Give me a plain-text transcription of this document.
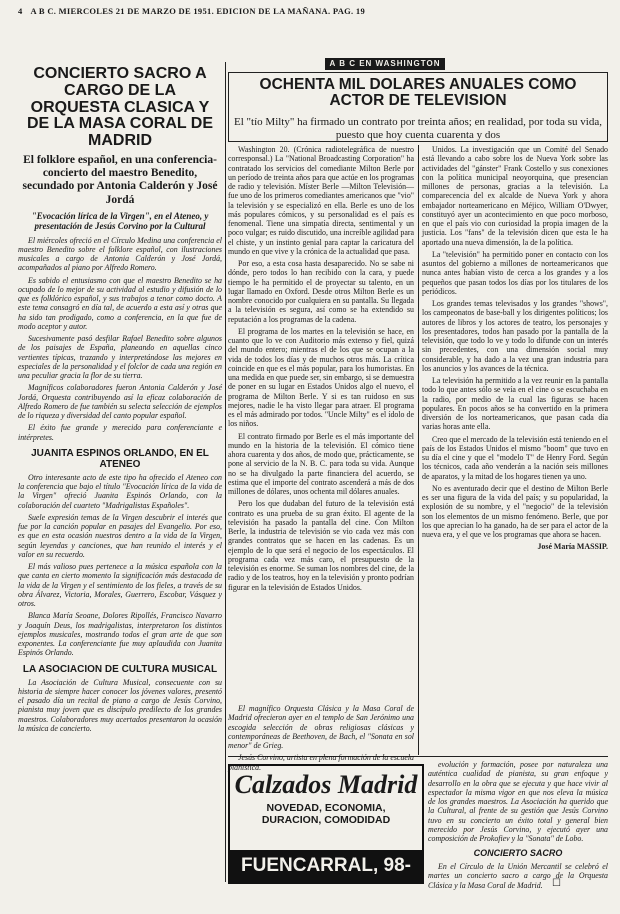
4 A B C. MIERCOLES 21 DE MARZO DE 1951. EDICION DE LA MAÑANA. PAG. 19
CONCIERTO SACRO A CARGO DE LA ORQUESTA CLASICA Y DE LA MASA CORAL DE MADRID
El folklore español, en una conferencia-concierto del maestro Benedito, secundado por Antonia Calderón y José Jordá
"Evocación lírica de la Virgen", en el Ateneo, y presentación de Jesús Corvino por la Cultural

El miércoles ofreció en el Círculo Medina una conferencia el maestro Benedito sobre el folklore español, con ilustraciones musicales a cargo de Antonia Calderón y José Jordá, acompañados al piano por Alfredo Romero.

Es sabido el entusiasmo con que el maestro Benedito se ha ocupado de lo mejor de su actividad al estudio y difusión de lo que es folklórico español, y sus trabajos a tenor como docto. A este tema consagró en día tal, de acuerdo a esta así y otras que ha sido tan prodigado, como a conferencia, en la que fue de modo aceptor y autor.

Sucesivamente pasó desfilar Rafael Benedito sobre algunos de los paisajes de España, planeando en aquellas cinco vertientes típicas, trazando y interpretándose las mejores en especiales de la personalidad y el folclor de cada una región en una peculiar gracia la flor de su tierra.

Magníficos colaboradores fueron Antonia Calderón y José Jordá, Orquesta contribuyendo así la eficaz colaboración de Alfredo Romero de fue también su selecta selección de ejemplos de lo riqueza y diversidad del canto popular español.

El éxito fue grande y merecido para conferenciante e intérpretes.

JUANITA ESPINOS ORLANDO, EN EL ATENEO

Otro interesante acto de este tipo ha ofrecido el Ateneo con la conferencia que bajo el título "Evocación lírica de la vida de la Virgen" ofreció Juanita Espinós Orlando, con la colaboración del cuarteto "Madrigalistas Españoles".

Suele expresión temas de la Virgen descubrir el interés que fue por la canción popular en pasajes del Evangelio. Por eso, es que en esta ocasión nuestros dentro a la vida de la Virgen, según leyendas y canciones, que han reunido el interés y el valor en su recuerdo.

El más valioso pues pertenece a la música española con la que canta en cierto momento la significación más destacada de la vida de la Virgen y el sentimiento de los fieles, a través de su obra Álvarez, Victoria, Morales, Guerrero, Escobar, Vásquez y otros.

Blanca María Seoane, Dolores Ripollés, Francisco Navarro y Joaquín Deus, los madrigalistas, interpretaron los distintos ejemplos musicales, mostrando todos el gran arte de que son exponentes. La conferenciante fue muy aplaudida con Juanita Espinós Orlando.

LA ASOCIACION DE CULTURA MUSICAL

La Asociación de Cultura Musical, consecuente con su historia de siempre hacer conocer los jóvenes valores, presentó el pasado día un recital de piano a cargo de Jesús Corvino, pianista muy joven que es discípulo predilecto de los grandes maestros. Colaboradores muy acertados presentaron la ocasión la música de concierto.

A B C EN WASHINGTON
OCHENTA MIL DOLARES ANUALES COMO ACTOR DE TELEVISION
El "tío Milty" ha firmado un contrato por treinta años; en realidad, por toda su vida, puesto que hoy cuenta cuarenta y dos

Washington 20. (Crónica radiotelegráfica de nuestro corresponsal.) La "National Broadcasting Corporation" ha contratado los servicios del comediante Milton Berle por un período de treinta años para que actúe en los programas de radio y televisión. Míster Berle —Milton Televisión— fue uno de los primeros comediantes americanos que "vio" la televisión y se especializó en ella. Berle es uno de los más populares cómicos, y su personalidad es el país es fenomenal. Tiene una simpatía directa, sentimental y un poco vulgar; es ruido discutido, una increíble agilidad para el chiste, y un instinto genial para captar la caricatura del mundo en que vive y la crónica de la actualidad que pasa.

Por eso, a esta cosa hasta desaparecido. No se sabe ni dónde, pero todos lo han recibido con la cara, y puede tiempo le ha permitido el de proyectar su talento, en un lugar llamado en Oxford. Desde otros Milton Berle es un nombre conocido por cualquiera en su pantalla. Su llegada a la televisión es segura, así como se ha extendido su reputación a los programas de la cadena.

El programa de los martes en la televisión se hace, en cuanto que lo ve con Auditorio más extenso y fiel, quizá del mundo entero; mientras el de los que se ocupan a la vida de todos los días y de muchos otros más. La crítica coincide en que es el más popular, para los humoristas. En una medida en que puede ser, sin embargo, si se demuestra de poner en su lugar en Estados Unidos algo el nuevo, el programa de Milton Berle. Y si es tan ruidoso en sus mejores, nadie le ha visto llegar para atraer. El programa es el más admirado por todos. "Uncle Milty" es el ídolo de los niños.

El contrato firmado por Berle es el más importante del mundo en la historia de la televisión. El cómico tiene ahora cuarenta y dos años, de modo que, prácticamente, se pone al servicio de la N. B. C. para toda su vida. Aunque no se ha divulgado la parte financiera del acuerdo, se estima que el importe del contrato ascenderá a más de dos millones de dólares, unos ochenta mil dólares anuales.

Pero los que dudaban del futuro de la televisión está contrato es una prueba de su gran éxito. El agente de la televisión ha pasado la pantalla del cine. Con Milton Berle, la industria de televisión se vio cada vez más con grandes contratos que se hacen en las cadenas. Es un ejemplo de lo que será el negocio de los espectáculos. El programa cada vez más caro, el presupuesto de la televisión es enorme. Se suman los nombres del cine, de la radio y de los teatros, hoy en la televisión y pronto podrían figurar en la televisión de Estados Unidos.

Unidos. La investigación que un Comité del Senado está llevando a cabo sobre los de Nueva York sobre las actividades del "gánster" Frank Costello y sus conexiones con la política municipal neoyorquina, que presencian millones de personas, gracias a la televisión. La comparecencia del ex alcalde de Nueva York y ahora embajador norteamericano en Méjico, William O'Dwyer, constituyó ayer un acontecimiento en que poco morboso, en que el país vio con curiosidad la propia imagen de la justicia. Los "fans" de la televisión dicen que esta le ha aportado una nueva dimensión, la de la política.

La "televisión" ha permitido poner en contacto con los asuntos del gobierno a millones de norteamericanos que nunca antes habían visto de cerca a los grandes y a los pequeños que pasan todos los días por los titulares de los periódicos.

Los grandes temas televisados y los grandes "shows", los campeonatos de base-ball y los dirigentes políticos; los autores de libros y los actores de teatro, los personajes y los presentadores, todos han pasado por la pantalla de la televisión, que todo lo ve y todo lo difunde con un interés sin precedentes, con una dimensión social muy considerable, y ha dado a la vez una gran industria para los anuncios y los avances de la técnica.

La televisión ha permitido a la vez reunir en la pantalla todo lo que antes sólo se veía en el cine o se escuchaba en la radio, por medio de la cual las figuras se hacen populares. En pocos años se ha convertido en la primera diversión de los norteamericanos, que pasan cada día varias horas ante ella.

Creo que el mercado de la televisión está teniendo en el país de los Estados Unidos el mismo "boom" que tuvo en su día el cine y que el "modelo T" de Henry Ford. Según los técnicos, cada año venderán a la nación seis millones de aparatos, y la mitad de los hogares tienen ya uno.

No es aventurado decir que el destino de Milton Berle es ser una figura de la vida del país; y su popularidad, la explosión de su nombre, y el "negocio" de la televisión son los elementos de un mismo fenómeno. Berle, que por los que aprecian lo ha ganado, ha de ser para el actor de la nueva era, y el que ve los programas que ahora se hacen.

José María MASSIP.

evolución y formación, posee por naturaleza una auténtica cualidad de pianista, su gran enfoque y desarrollo en la obra que se ejecuta y que hace vivir al espectador la misma vigor en que nos eleva la música de los grandes maestros. La Asociación ha querido que la Cultural, al frente de su gestión que Jesús Corvino tuvo en su concierto un éxito total y general bien merecido por Jesús Corvino, y ejecutó ayer una composición de Prokofiev y la "Sonata" de Lobo.

CONCIERTO SACRO

En el Círculo de la Unión Mercantil se celebró el martes un concierto sacro a cargo de la Orquesta Clásica y la Masa Coral de Madrid.

Calzados Madrid
NOVEDAD, ECONOMIA,
DURACION, COMODIDAD
FUENCARRAL, 98-MADRID
☐

El magnífico Orquesta Clásica y la Masa Coral de Madrid ofrecieron ayer en el templo de San Jerónimo una escogida selección de obras religiosas clásicas y contemporáneas de Beethoven, de Bach, el "Sonata en sol menor" de Grieg.

Jesús Corvino, artista en plena formación de la escuela pianística.
